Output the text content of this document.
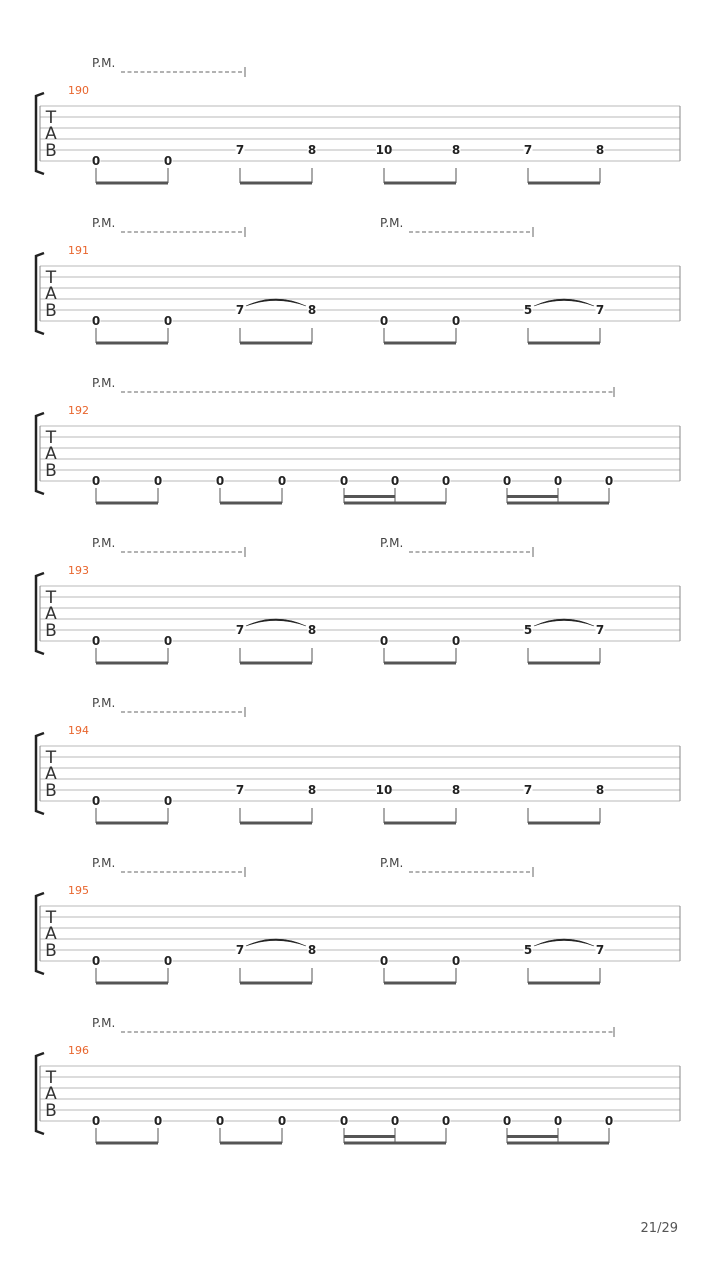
T
A
B
190
P.M.
0	0
7	8	10	8	7	8
T
A
B
191
P.M.	P.M.
0	0
7	8
0	0
5	7
T
A
B
192
P.M.
0	0	0	0	0	0	0	0	0	0
T
A
B
193
P.M.	P.M.
0	0
7	8
0	0
5	7
T
A
B
194
P.M.
0	0
7	8	10	8	7	8
T
A
B
195
P.M.	P.M.
0	0
7	8
0	0
5	7
T
A
B
196
P.M.
0	0	0	0	0	0	0	0	0	0
21/29
